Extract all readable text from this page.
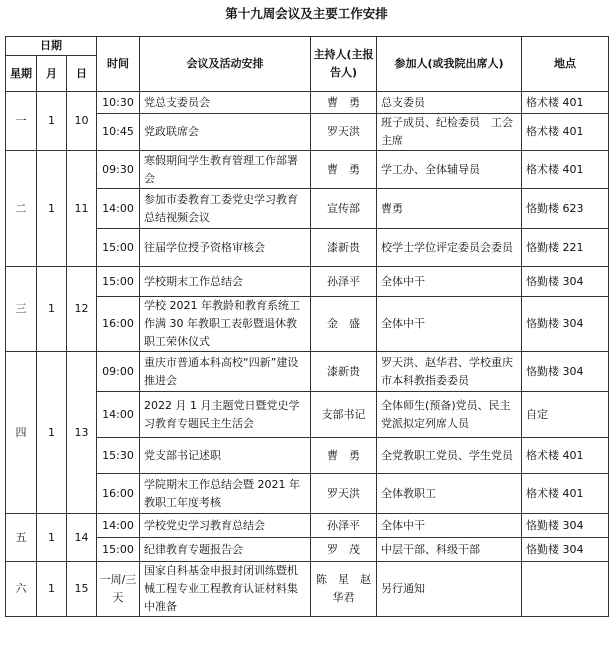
第十九周会议及主要工作安排
日期			时间	会议及活动安排	主持人(主报告人)	参加人(或我院出席人)	地点
星期	月	日					
一	1	10	10:30	党总支委员会	曹　勇	总支委员	格术楼 401
			10:45	党政联席会	罗天洪	班子成员、纪检委员　工会主席	格术楼 401
二	1	11	09:30	寒假期间学生教育管理工作部署会	曹　勇	学工办、全体辅导员	格术楼 401
			14:00	参加市委教育工委党史学习教育总结视频会议	宣传部	曹勇	恪勤楼 623
			15:00	往届学位授予资格审核会	漆新贵	校学士学位评定委员会委员	恪勤楼 221
三	1	12	15:00	学校期末工作总结会	孙泽平	全体中干	恪勤楼 304
			16:00	学校 2021 年教龄和教育系统工作满 30 年教职工表彰暨退休教职工荣休仪式	金　盛	全体中干	恪勤楼 304
四	1	13	09:00	重庆市普通本科高校“四新”建设推进会	漆新贵	罗天洪、赵华君、学校重庆市本科教指委委员	恪勤楼 304
			14:00	2022 月 1 月主题党日暨党史学习教育专题民主生活会	支部书记	全体师生(预备)党员、民主党派拟定列席人员	自定
			15:30	党支部书记述职	曹　勇	全党教职工党员、学生党员	格术楼 401
			16:00	学院期末工作总结会暨 2021 年教职工年度考核	罗天洪	全体教职工	格术楼 401
五	1	14	14:00	学校党史学习教育总结会	孙泽平	全体中干	恪勤楼 304
			15:00	纪律教育专题报告会	罗　茂	中层干部、科级干部	恪勤楼 304
六	1	15	一周/三天	国家自科基金申报封闭训练暨机械工程专业工程教育认证材料集中准备	陈　星　赵华君	另行通知	
